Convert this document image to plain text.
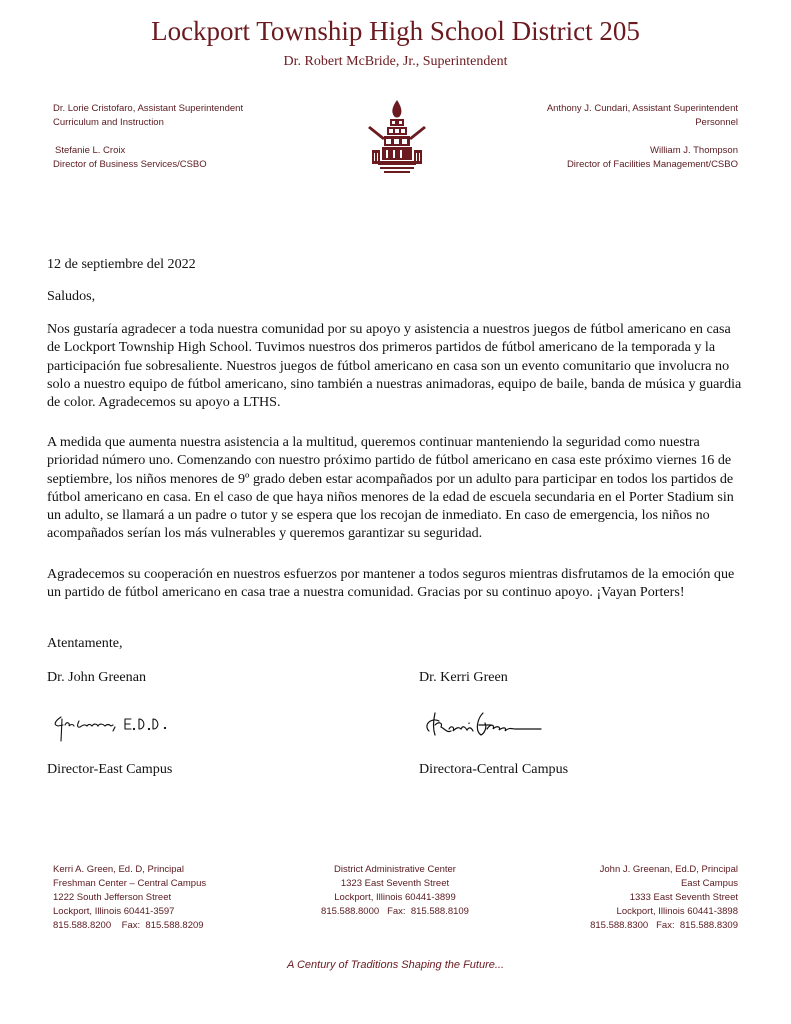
Lockport Township High School District 205
Dr. Robert McBride, Jr., Superintendent
Dr. Lorie Cristofaro, Assistant Superintendent
Curriculum and Instruction
Stefanie L. Croix
Director of Business Services/CSBO
Anthony J. Cundari, Assistant Superintendent
Personnel
William J. Thompson
Director of Facilities Management/CSBO
12 de septiembre del 2022
Saludos,
Nos gustaría agradecer a toda nuestra comunidad por su apoyo y asistencia a nuestros juegos de fútbol americano en casa de Lockport Township High School. Tuvimos nuestros dos primeros partidos de fútbol americano de la temporada y la participación fue sobresaliente. Nuestros juegos de fútbol americano en casa son un evento comunitario que involucra no solo a nuestro equipo de fútbol americano, sino también a nuestras animadoras, equipo de baile, banda de música y guardia de color. Agradecemos su apoyo a LTHS.
A medida que aumenta nuestra asistencia a la multitud, queremos continuar manteniendo la seguridad como nuestra prioridad número uno. Comenzando con nuestro próximo partido de fútbol americano en casa este próximo viernes 16 de septiembre, los niños menores de 9º grado deben estar acompañados por un adulto para participar en todos los partidos de fútbol americano en casa. En el caso de que haya niños menores de la edad de escuela secundaria en el Porter Stadium sin un adulto, se llamará a un padre o tutor y se espera que los recojan de inmediato. En caso de emergencia, los niños no acompañados serían los más vulnerables y queremos garantizar su seguridad.
Agradecemos su cooperación en nuestros esfuerzos por mantener a todos seguros mientras disfrutamos de la emoción que un partido de fútbol americano en casa trae a nuestra comunidad. Gracias por su continuo apoyo. ¡Vayan Porters!
Atentamente,
Dr. John Greenan
Director-East Campus
Dr. Kerri Green
Directora-Central Campus
Kerri A. Green, Ed. D, Principal
Freshman Center – Central Campus
1222 South Jefferson Street
Lockport, Illinois 60441-3597
815.588.8200    Fax:  815.588.8209
District Administrative Center
1323 East Seventh Street
Lockport, Illinois 60441-3899
815.588.8000   Fax:  815.588.8109
John J. Greenan, Ed.D, Principal
East Campus
1333 East Seventh Street
Lockport, Illinois 60441-3898
815.588.8300   Fax:  815.588.8309
A Century of Traditions Shaping the Future...
